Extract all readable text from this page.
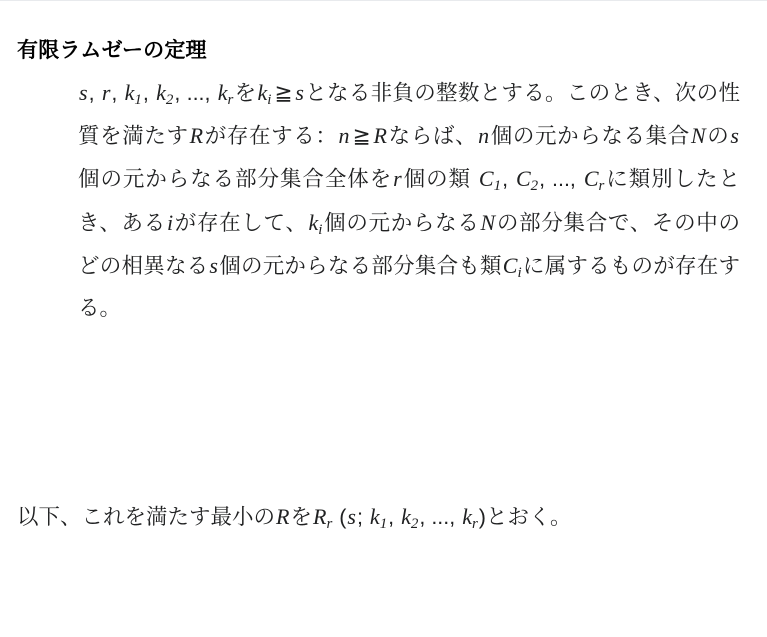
有限ラムゼーの定理
s, r, $k_1$, $k_2$, ..., $k_r$を$k_i$ ≧ sとなる非負の整数とする。このとき、次の性質を満たすRが存在する：n ≧ Rならば、n個の元からなる集合Nのs個の元からなる部分集合全体をr個の類 $C_1$, $C_2$, ..., $C_r$に類別したとき、あるiが存在して、$k_i$個の元からなるNの部分集合で、その中のどの相異なるs個の元からなる部分集合も類$C_i$に属するものが存在する。
以下、これを満たす最小のRを$R_r$ (s; $k_1$, $k_2$, ..., $k_r$)とおく。
